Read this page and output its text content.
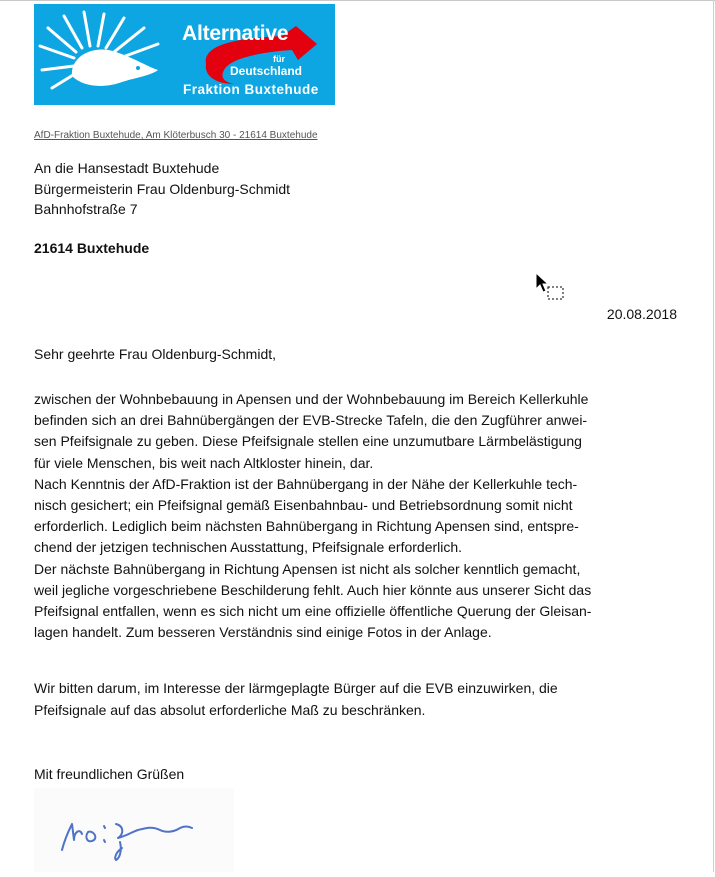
Alternative
für
Deutschland
Fraktion Buxtehude
AfD-Fraktion Buxtehude, Am Klöterbusch 30 - 21614 Buxtehude
An die Hansestadt Buxtehude
Bürgermeisterin Frau Oldenburg-Schmidt
Bahnhofstraße 7
21614 Buxtehude
20.08.2018
Sehr geehrte Frau Oldenburg-Schmidt,
zwischen der Wohnbebauung in Apensen und der Wohnbebauung im Bereich Kellerkuhle
befinden sich an drei Bahnübergängen der EVB-Strecke Tafeln, die den Zugführer anwei-
sen Pfeifsignale zu geben. Diese Pfeifsignale stellen eine unzumutbare Lärmbelästigung
für viele Menschen, bis weit nach Altkloster hinein, dar.
Nach Kenntnis der AfD-Fraktion ist der Bahnübergang in der Nähe der Kellerkuhle tech-
nisch gesichert; ein Pfeifsignal gemäß Eisenbahnbau- und Betriebsordnung somit nicht
erforderlich. Lediglich beim nächsten Bahnübergang in Richtung Apensen sind, entspre-
chend der jetzigen technischen Ausstattung, Pfeifsignale erforderlich.
Der nächste Bahnübergang in Richtung Apensen ist nicht als solcher kenntlich gemacht,
weil jegliche vorgeschriebene Beschilderung fehlt. Auch hier könnte aus unserer Sicht das
Pfeifsignal entfallen, wenn es sich nicht um eine offizielle öffentliche Querung der Gleisan-
lagen handelt. Zum besseren Verständnis sind einige Fotos in der Anlage.
Wir bitten darum, im Interesse der lärmgeplagte Bürger auf die EVB einzuwirken, die
Pfeifsignale auf das absolut erforderliche Maß zu beschränken.
Mit freundlichen Grüßen
